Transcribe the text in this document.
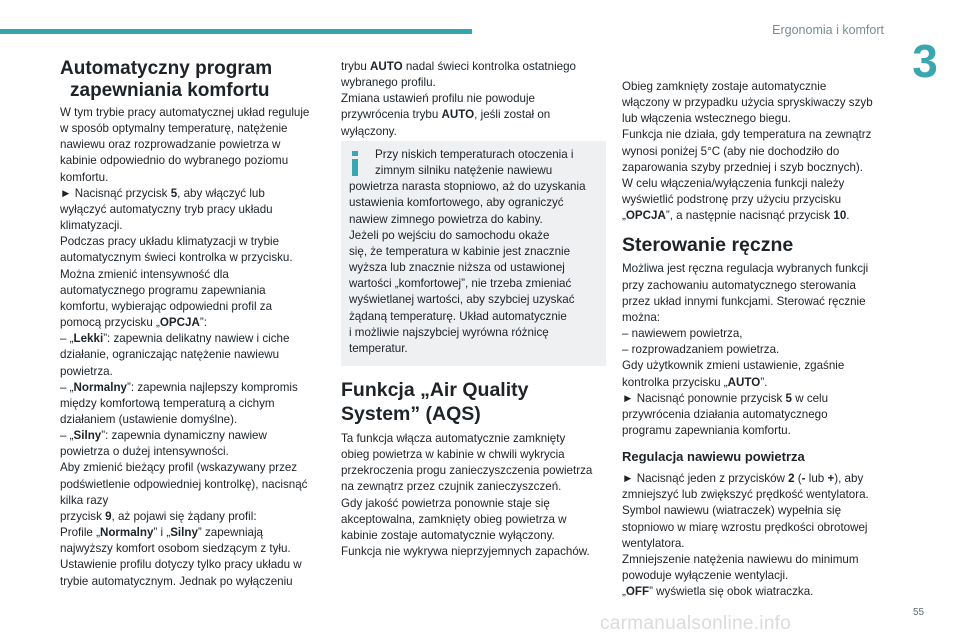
Ergonomia i komfort
3
Automatyczny program
zapewniania komfortu

W tym trybie pracy automatycznej układ reguluje

w sposób optymalny temperaturę, natężenie

nawiewu oraz rozprowadzanie powietrza w

kabinie odpowiednio do wybranego poziomu

komfortu.

► Nacisnąć przycisk 5, aby włączyć lub

wyłączyć automatyczny tryb pracy układu

klimatyzacji.

Podczas pracy układu klimatyzacji w trybie

automatycznym świeci kontrolka w przycisku.

Można zmienić intensywność dla

automatycznego programu zapewniania

komfortu, wybierając odpowiedni profil za

pomocą przycisku „OPCJA”:

– „Lekki”: zapewnia delikatny nawiew i ciche

działanie, ograniczając natężenie nawiewu

powietrza.

– „Normalny”: zapewnia najlepszy kompromis

między komfortową temperaturą a cichym

działaniem (ustawienie domyślne).

– „Silny”: zapewnia dynamiczny nawiew

powietrza o dużej intensywności.

Aby zmienić bieżący profil (wskazywany przez

podświetlenie odpowiedniej kontrolkę), nacisnąć kilka razy

przycisk 9, aż pojawi się żądany profil:

Profile „Normalny” i „Silny” zapewniają

najwyższy komfort osobom siedzącym z tyłu.

Ustawienie profilu dotyczy tylko pracy układu w

trybie automatycznym. Jednak po wyłączeniu

trybu AUTO nadal świeci kontrolka ostatniego

wybranego profilu.

Zmiana ustawień profilu nie powoduje

przywrócenia trybu AUTO, jeśli został on

wyłączony.

Przy niskich temperaturach otoczenia i

zimnym silniku natężenie nawiewu

powietrza narasta stopniowo, aż do uzyskania

ustawienia komfortowego, aby ograniczyć

nawiew zimnego powietrza do kabiny.

Jeżeli po wejściu do samochodu okaże

się, że temperatura w kabinie jest znacznie

wyższa lub znacznie niższa od ustawionej

wartości „komfortowej”, nie trzeba zmieniać

wyświetlanej wartości, aby szybciej uzyskać

żądaną temperaturę. Układ automatycznie

i możliwie najszybciej wyrówna różnicę

temperatur.

Funkcja „Air Quality
System” (AQS)

Ta funkcja włącza automatycznie zamknięty

obieg powietrza w kabinie w chwili wykrycia

przekroczenia progu zanieczyszczenia powietrza

na zewnątrz przez czujnik zanieczyszczeń.

Gdy jakość powietrza ponownie staje się

akceptowalna, zamknięty obieg powietrza w

kabinie zostaje automatycznie wyłączony.

Funkcja nie wykrywa nieprzyjemnych zapachów.

Obieg zamknięty zostaje automatycznie

włączony w przypadku użycia spryskiwaczy szyb

lub włączenia wstecznego biegu.

Funkcja nie działa, gdy temperatura na zewnątrz

wynosi poniżej 5°C (aby nie dochodziło do

zaparowania szyby przedniej i szyb bocznych).

W celu włączenia/wyłączenia funkcji należy

wyświetlić podstronę przy użyciu przycisku

„OPCJA”, a następnie nacisnąć przycisk 10.

Sterowanie ręczne

Możliwa jest ręczna regulacja wybranych funkcji

przy zachowaniu automatycznego sterowania

przez układ innymi funkcjami. Sterować ręcznie

można:

– nawiewem powietrza,

– rozprowadzaniem powietrza.

Gdy użytkownik zmieni ustawienie, zgaśnie

kontrolka przycisku „AUTO”.

► Nacisnąć ponownie przycisk 5 w celu

przywrócenia działania automatycznego

programu zapewniania komfortu.

Regulacja nawiewu powietrza

► Nacisnąć jeden z przycisków 2 (- lub +), aby

zmniejszyć lub zwiększyć prędkość wentylatora.

Symbol nawiewu (wiatraczek) wypełnia się

stopniowo w miarę wzrostu prędkości obrotowej

wentylatora.

Zmniejszenie natężenia nawiewu do minimum

powoduje wyłączenie wentylacji.

„OFF” wyświetla się obok wiatraczka.

carmanualsonline.info
55
